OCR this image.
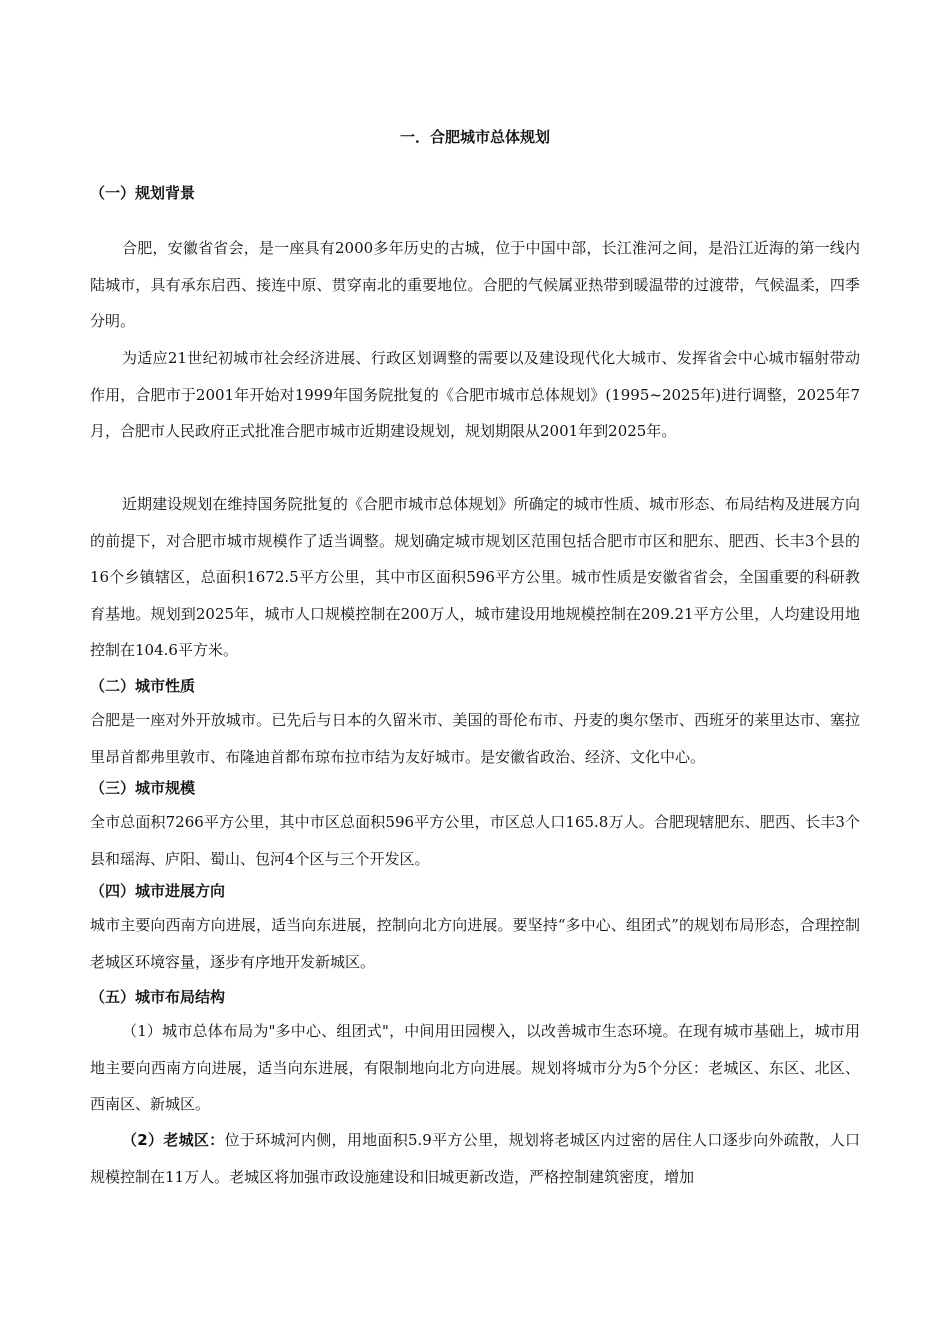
一．合肥城市总体规划
（一）规划背景

合肥，安徽省省会，是一座具有2000多年历史的古城，位于中国中部，长江淮河之间，是沿江近海的第一线内陆城市，具有承东启西、接连中原、贯穿南北的重要地位。合肥的气候属亚热带到暖温带的过渡带，气候温柔，四季分明。

为适应21世纪初城市社会经济进展、行政区划调整的需要以及建设现代化大城市、发挥省会中心城市辐射带动作用，合肥市于2001年开始对1999年国务院批复的《合肥市城市总体规划》(1995~2025年)进行调整，2025年7月，合肥市人民政府正式批准合肥市城市近期建设规划，规划期限从2001年到2025年。

近期建设规划在维持国务院批复的《合肥市城市总体规划》所确定的城市性质、城市形态、布局结构及进展方向的前提下，对合肥市城市规模作了适当调整。规划确定城市规划区范围包括合肥市市区和肥东、肥西、长丰3个县的16个乡镇辖区，总面积1672.5平方公里，其中市区面积596平方公里。城市性质是安徽省省会，全国重要的科研教育基地。规划到2025年，城市人口规模控制在200万人，城市建设用地规模控制在209.21平方公里，人均建设用地控制在104.6平方米。

（二）城市性质

合肥是一座对外开放城市。已先后与日本的久留米市、美国的哥伦布市、丹麦的奥尔堡市、西班牙的莱里达市、塞拉里昂首都弗里敦市、布隆迪首都布琼布拉市结为友好城市。是安徽省政治、经济、文化中心。

（三）城市规模

全市总面积7266平方公里，其中市区总面积596平方公里，市区总人口165.8万人。合肥现辖肥东、肥西、长丰3个县和瑶海、庐阳、蜀山、包河4个区与三个开发区。

（四）城市进展方向

城市主要向西南方向进展，适当向东进展，控制向北方向进展。要坚持“多中心、组团式”的规划布局形态，合理控制老城区环境容量，逐步有序地开发新城区。

（五）城市布局结构

（1）城市总体布局为"多中心、组团式"，中间用田园楔入，以改善城市生态环境。在现有城市基础上，城市用地主要向西南方向进展，适当向东进展，有限制地向北方向进展。规划将城市分为5个分区：老城区、东区、北区、西南区、新城区。

（2）老城区：位于环城河内侧，用地面积5.9平方公里，规划将老城区内过密的居住人口逐步向外疏散，人口规模控制在11万人。老城区将加强市政设施建设和旧城更新改造，严格控制建筑密度，增加
